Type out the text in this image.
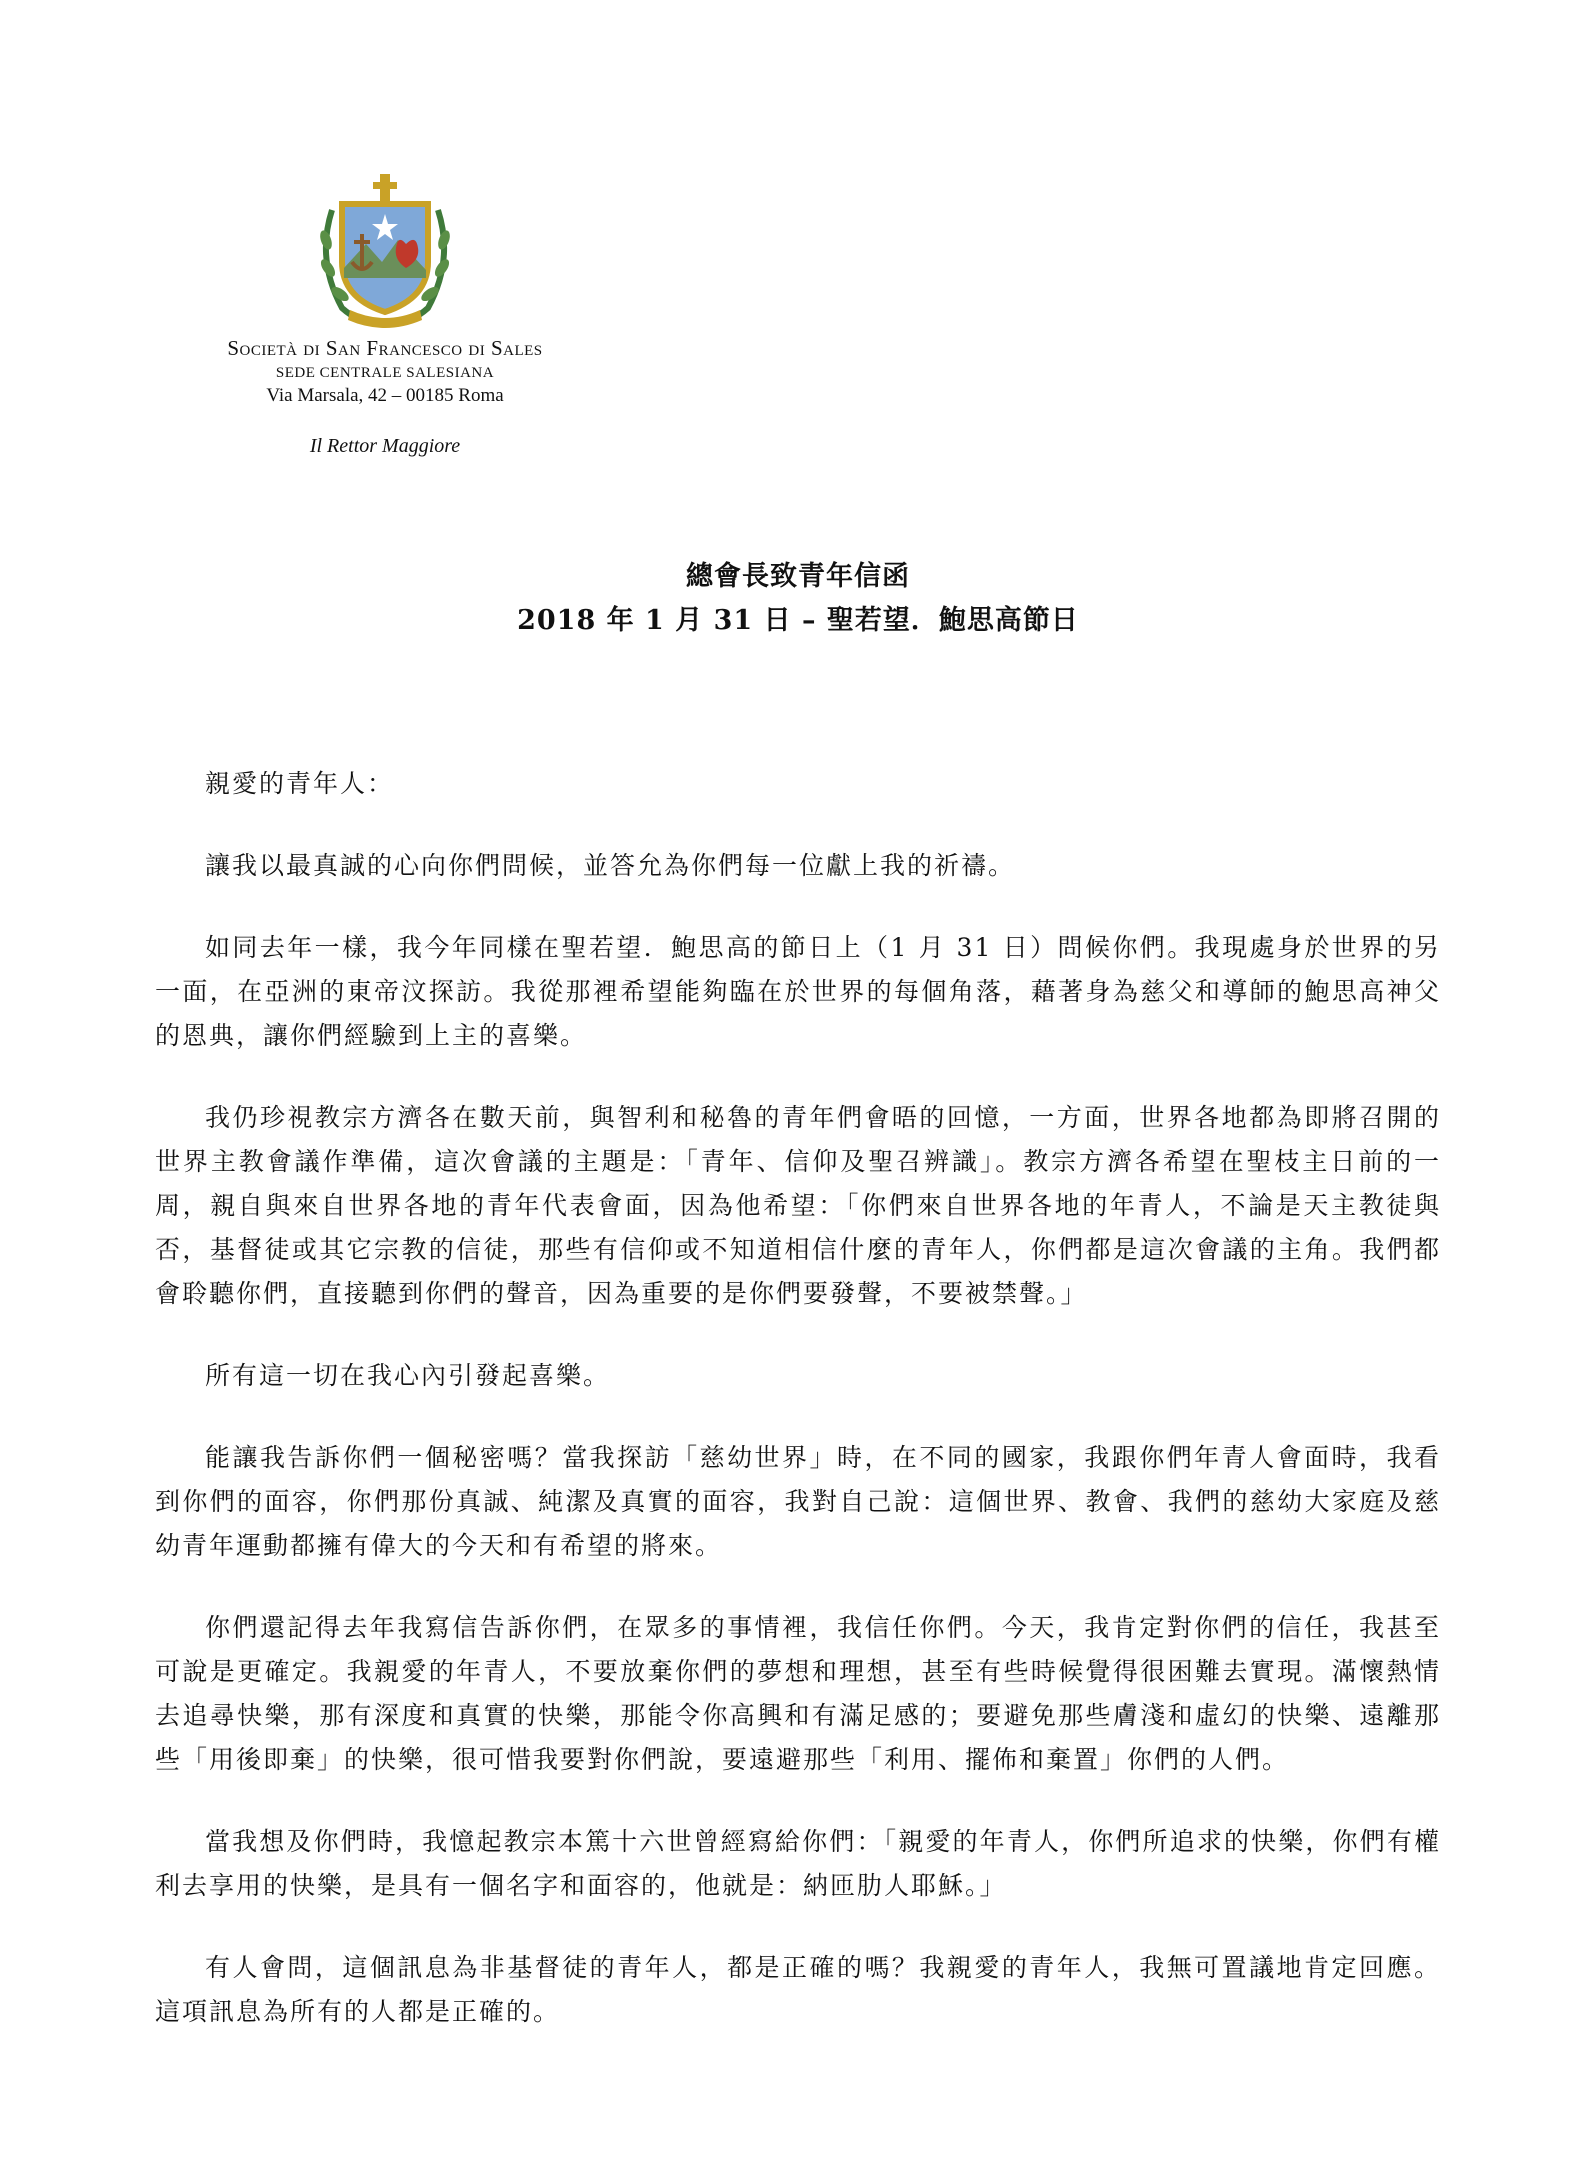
Società di San Francesco di Sales
SEDE CENTRALE SALESIANA
Via Marsala, 42 – 00185 Roma
Il Rettor Maggiore
總會長致青年信函
2018 年 1 月 31 日 – 聖若望．鮑思高節日

親愛的青年人：

讓我以最真誠的心向你們問候，並答允為你們每一位獻上我的祈禱。

如同去年一樣，我今年同樣在聖若望．鮑思高的節日上（1 月 31 日）問候你們。我現處身於世界的另一面，在亞洲的東帝汶探訪。我從那裡希望能夠臨在於世界的每個角落，藉著身為慈父和導師的鮑思高神父的恩典，讓你們經驗到上主的喜樂。

我仍珍視教宗方濟各在數天前，與智利和秘魯的青年們會晤的回憶，一方面，世界各地都為即將召開的世界主教會議作準備，這次會議的主題是：「青年、信仰及聖召辨識」。教宗方濟各希望在聖枝主日前的一周，親自與來自世界各地的青年代表會面，因為他希望：「你們來自世界各地的年青人，不論是天主教徒與否，基督徒或其它宗教的信徒，那些有信仰或不知道相信什麼的青年人，你們都是這次會議的主角。我們都會聆聽你們，直接聽到你們的聲音，因為重要的是你們要發聲，不要被禁聲。」

所有這一切在我心內引發起喜樂。

能讓我告訴你們一個秘密嗎？當我探訪「慈幼世界」時，在不同的國家，我跟你們年青人會面時，我看到你們的面容，你們那份真誠、純潔及真實的面容，我對自己說：這個世界、教會、我們的慈幼大家庭及慈幼青年運動都擁有偉大的今天和有希望的將來。

你們還記得去年我寫信告訴你們，在眾多的事情裡，我信任你們。今天，我肯定對你們的信任，我甚至可說是更確定。我親愛的年青人，不要放棄你們的夢想和理想，甚至有些時候覺得很困難去實現。滿懷熱情去追尋快樂，那有深度和真實的快樂，那能令你高興和有滿足感的；要避免那些膚淺和虛幻的快樂、遠離那些「用後即棄」的快樂，很可惜我要對你們說，要遠避那些「利用、擺佈和棄置」你們的人們。

當我想及你們時，我憶起教宗本篤十六世曾經寫給你們：「親愛的年青人，你們所追求的快樂，你們有權利去享用的快樂，是具有一個名字和面容的，他就是：納匝肋人耶穌。」

有人會問，這個訊息為非基督徒的青年人，都是正確的嗎？我親愛的青年人，我無可置議地肯定回應。這項訊息為所有的人都是正確的。
